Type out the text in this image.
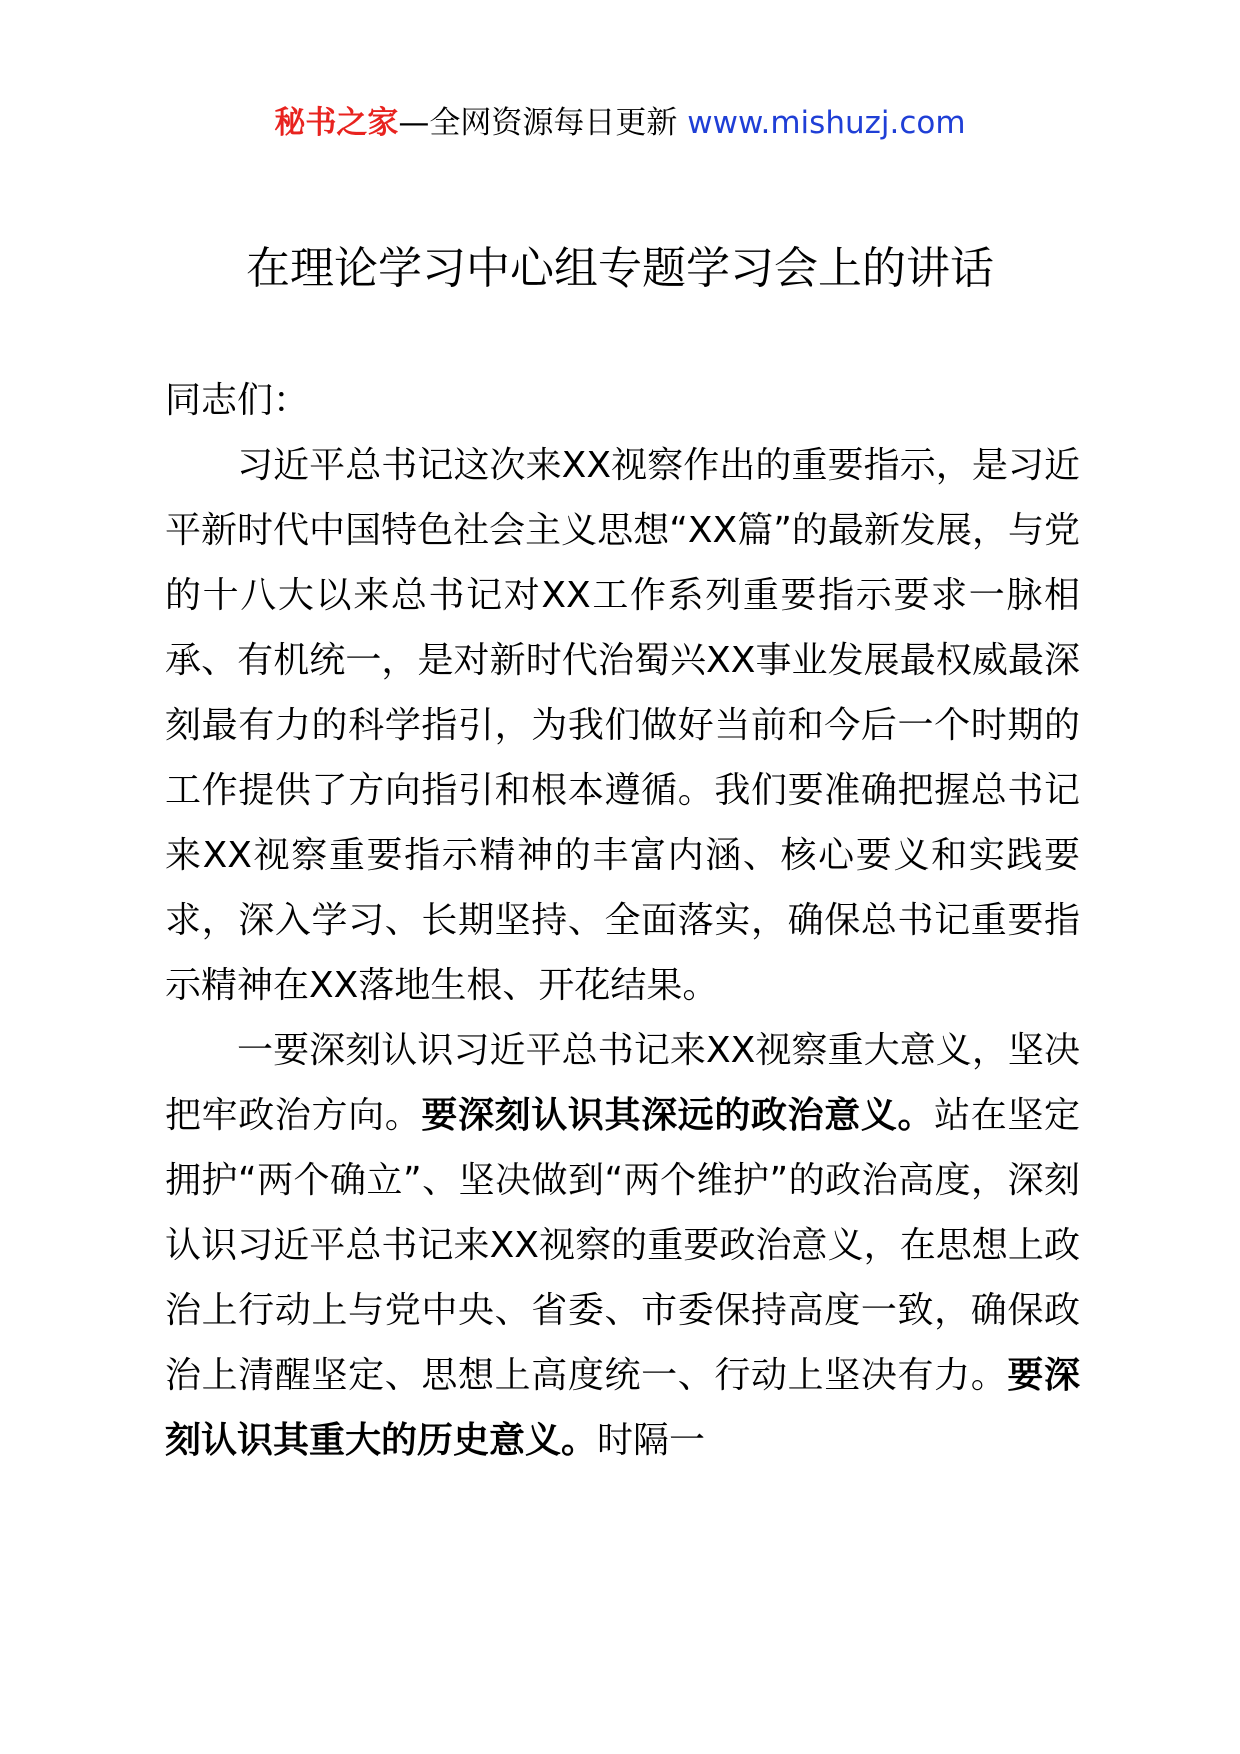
秘书之家—全网资源每日更新 www.mishuzj.com
在理论学习中心组专题学习会上的讲话

同志们：

习近平总书记这次来XX视察作出的重要指示，是习近平新时代中国特色社会主义思想“XX篇”的最新发展，与党的十八大以来总书记对XX工作系列重要指示要求一脉相承、有机统一，是对新时代治蜀兴XX事业发展最权威最深刻最有力的科学指引，为我们做好当前和今后一个时期的工作提供了方向指引和根本遵循。我们要准确把握总书记来XX视察重要指示精神的丰富内涵、核心要义和实践要求，深入学习、长期坚持、全面落实，确保总书记重要指示精神在XX落地生根、开花结果。

一要深刻认识习近平总书记来XX视察重大意义，坚决把牢政治方向。要深刻认识其深远的政治意义。站在坚定拥护“两个确立”、坚决做到“两个维护”的政治高度，深刻认识习近平总书记来XX视察的重要政治意义，在思想上政治上行动上与党中央、省委、市委保持高度一致，确保政治上清醒坚定、思想上高度统一、行动上坚决有力。要深刻认识其重大的历史意义。时隔一
